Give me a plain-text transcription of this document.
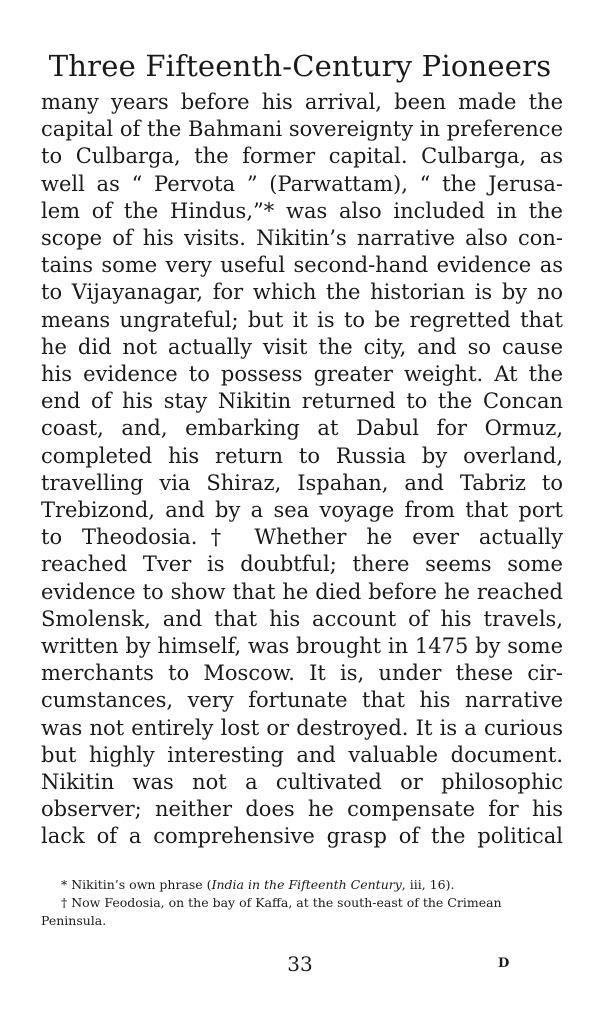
Three Fifteenth-Century Pioneers
many years before his arrival, been made the
capital of the Bahmani sovereignty in preference
to Culbarga, the former capital. Culbarga, as
well as “ Pervota ” (Parwattam), “ the Jerusa-
lem of the Hindus,”* was also included in the
scope of his visits. Nikitin’s narrative also con-
tains some very useful second-hand evidence as
to Vijayanagar, for which the historian is by no
means ungrateful; but it is to be regretted that
he did not actually visit the city, and so cause
his evidence to possess greater weight. At the
end of his stay Nikitin returned to the Concan
coast, and, embarking at Dabul for Ormuz,
completed his return to Russia by overland,
travelling via Shiraz, Ispahan, and Tabriz to
Trebizond, and by a sea voyage from that port
to Theodosia.† Whether he ever actually
reached Tver is doubtful; there seems some
evidence to show that he died before he reached
Smolensk, and that his account of his travels,
written by himself, was brought in 1475 by some
merchants to Moscow. It is, under these cir-
cumstances, very fortunate that his narrative
was not entirely lost or destroyed. It is a curious
but highly interesting and valuable document.
Nikitin was not a cultivated or philosophic
observer; neither does he compensate for his
lack of a comprehensive grasp of the political
* Nikitin’s own phrase (India in the Fifteenth Century, iii, 16).
† Now Feodosia, on the bay of Kaffa, at the south-east of the Crimean
Peninsula.
33	D
